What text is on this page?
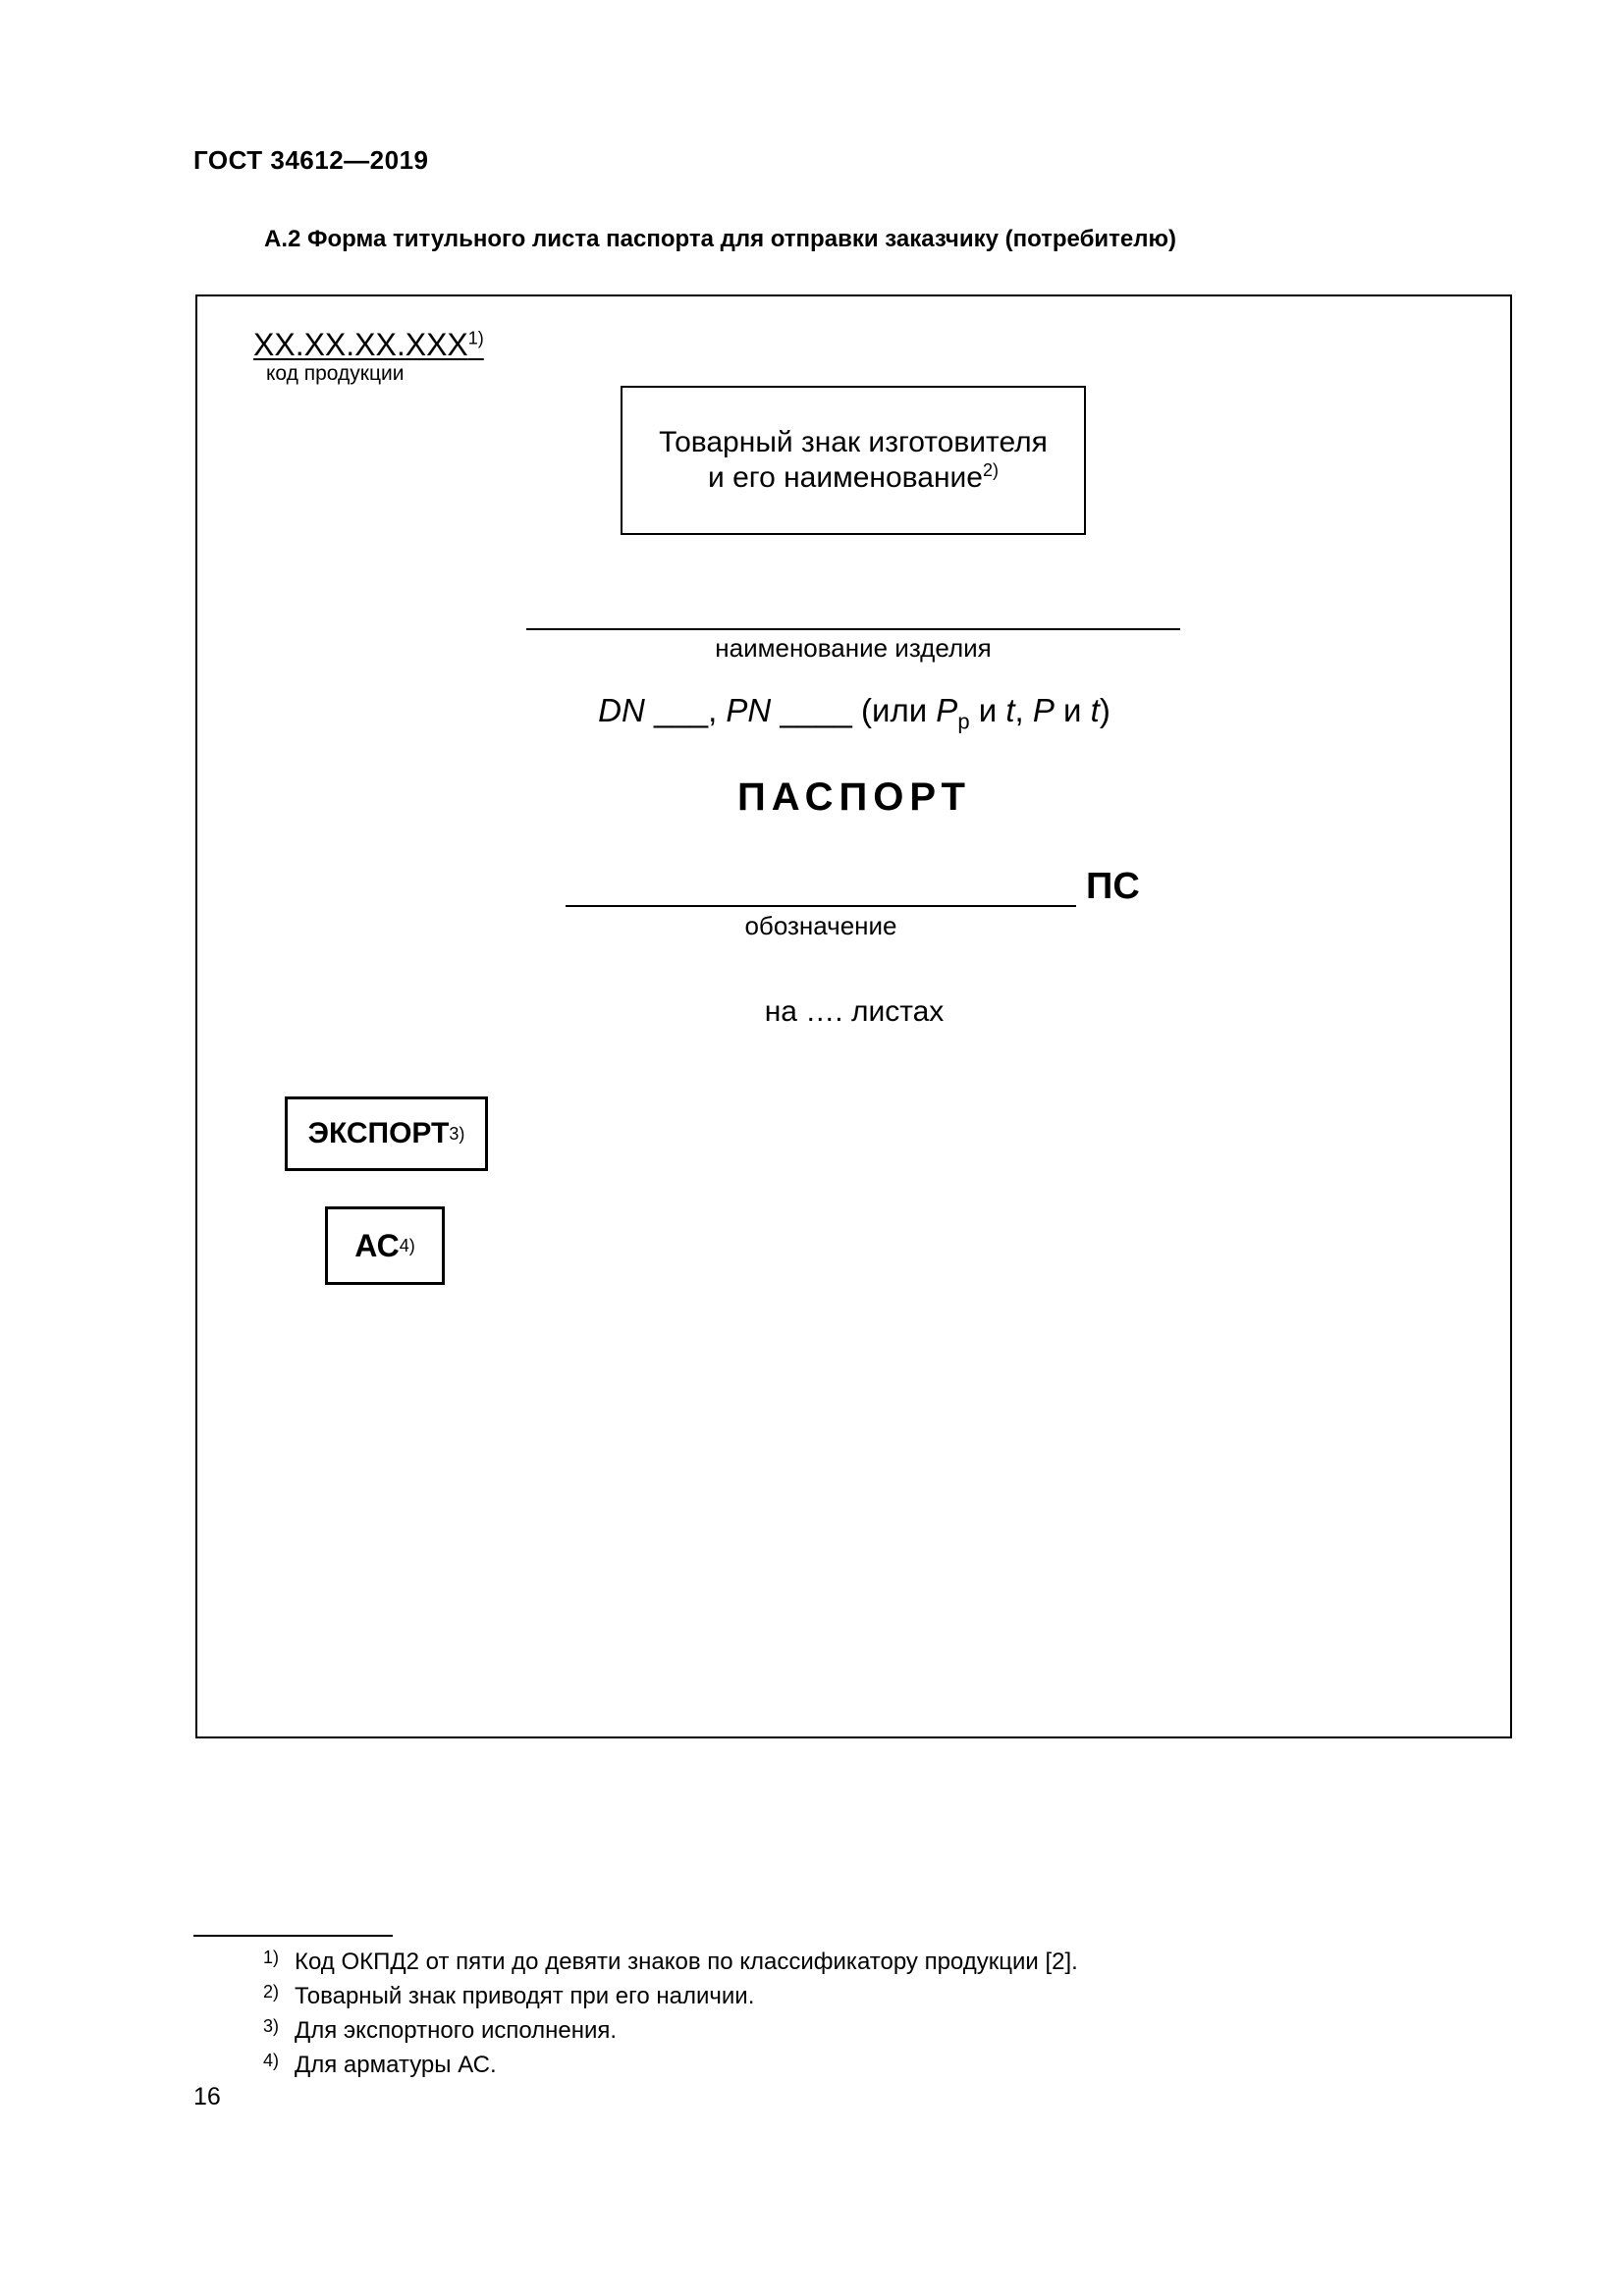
ГОСТ 34612—2019
А.2 Форма титульного листа паспорта для отправки заказчику (потребителю)
XX.XX.XX.XXX$^{1)}$
код продукции
Товарный знак изготовителя
и его наименование$^{2)}$
наименование изделия
DN ___, PN ____ (или $P_р$ и t, P и t)
ПАСПОРТ
ПС
обозначение
на …. листах
ЭКСПОРТ 3)
АС 4)
1) Код ОКПД2 от пяти до девяти знаков по классификатору продукции [2].
2) Товарный знак приводят при его наличии.
3) Для экспортного исполнения.
4) Для арматуры АС.
16
